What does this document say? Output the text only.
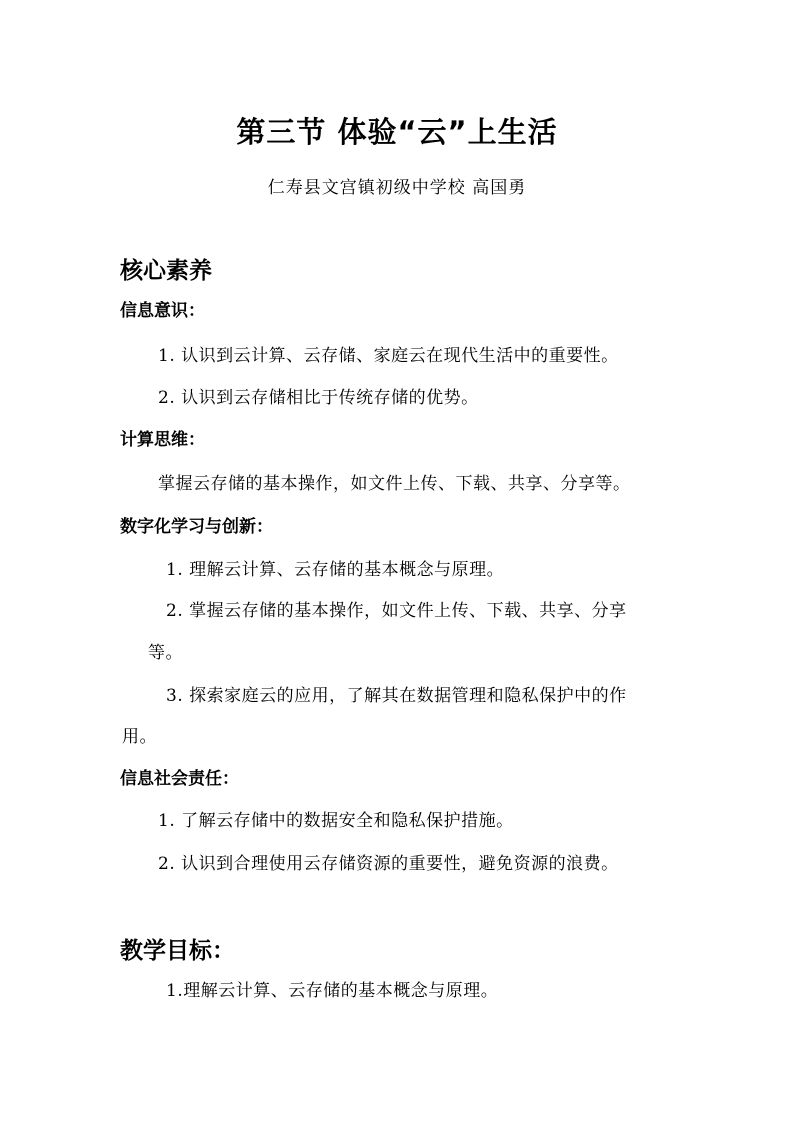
第三节 体验“云”上生活
仁寿县文宫镇初级中学校 高国勇
核心素养
信息意识：
1. 认识到云计算、云存储、家庭云在现代生活中的重要性。
2. 认识到云存储相比于传统存储的优势。
计算思维：
掌握云存储的基本操作，如文件上传、下载、共享、分享等。
数字化学习与创新：
1. 理解云计算、云存储的基本概念与原理。
2. 掌握云存储的基本操作，如文件上传、下载、共享、分享
等。
3. 探索家庭云的应用，了解其在数据管理和隐私保护中的作
用。
信息社会责任：
1. 了解云存储中的数据安全和隐私保护措施。
2. 认识到合理使用云存储资源的重要性，避免资源的浪费。
教学目标：
1.理解云计算、云存储的基本概念与原理。
